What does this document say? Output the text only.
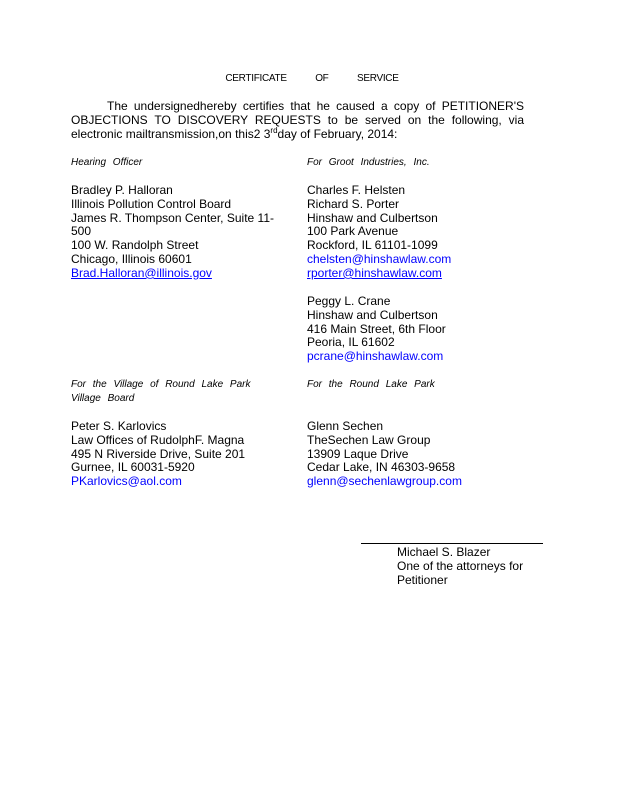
CERTIFICATE OF SERVICE
The undersignedhereby certifies that he caused a copy of PETITIONER'S OBJECTIONS TO DISCOVERY REQUESTS to be served on the following, via electronic mailtransmission,on this2 3rdday of February, 2014:
Hearing Officer	For Groot Industries, Inc.
Bradley P. Halloran
Illinois Pollution Control Board
James R. Thompson Center, Suite 11-500
100 W. Randolph Street
Chicago, Illinois 60601
Brad.Halloran@illinois.gov
Charles F. Helsten
Richard S. Porter
Hinshaw and Culbertson
100 Park Avenue
Rockford, IL 61101-1099
chelsten@hinshawlaw.com
rporter@hinshawlaw.com
Peggy L. Crane
Hinshaw and Culbertson
416 Main Street, 6th Floor
Peoria, IL 61602
pcrane@hinshawlaw.com
For the Village of Round Lake Park
Village Board
For the Round Lake Park
Peter S. Karlovics
Law Offices of RudolphF. Magna
495 N Riverside Drive, Suite 201
Gurnee, IL 60031-5920
PKarlovics@aol.com
Glenn Sechen
TheSechen Law Group
13909 Laque Drive
Cedar Lake, IN 46303-9658
glenn@sechenlawgroup.com
Michael S. Blazer
One of the attorneys for
Petitioner
